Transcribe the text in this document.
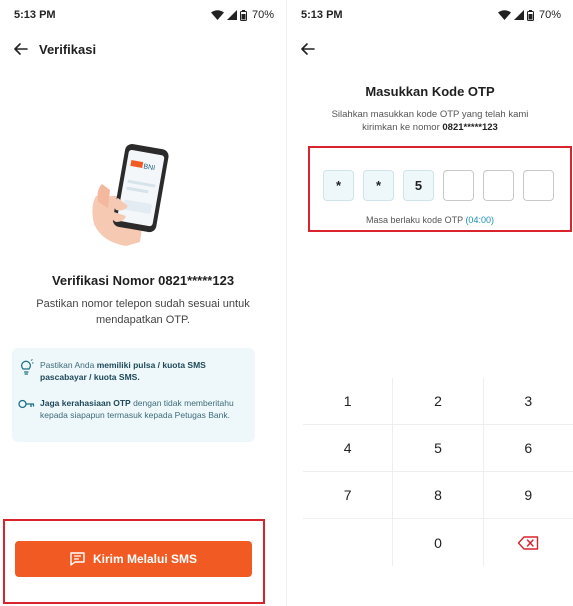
5:13 PM	70%
Verifikasi
BNI
Verifikasi Nomor 0821*****123
Pastikan nomor telepon sudah sesuai untuk mendapatkan OTP.
Pastikan Anda memiliki pulsa / kuota SMS pascabayar / kuota SMS.
Jaga kerahasiaan OTP dengan tidak memberitahu kepada siapapun termasuk kepada Petugas Bank.
Kirim Melalui SMS
5:13 PM	70%
Masukkan Kode OTP
Silahkan masukkan kode OTP yang telah kami kirimkan ke nomor 0821*****123
*	*	5
Masa berlaku kode OTP (04:00)
1	2	3
4	5	6
7	8	9
0
